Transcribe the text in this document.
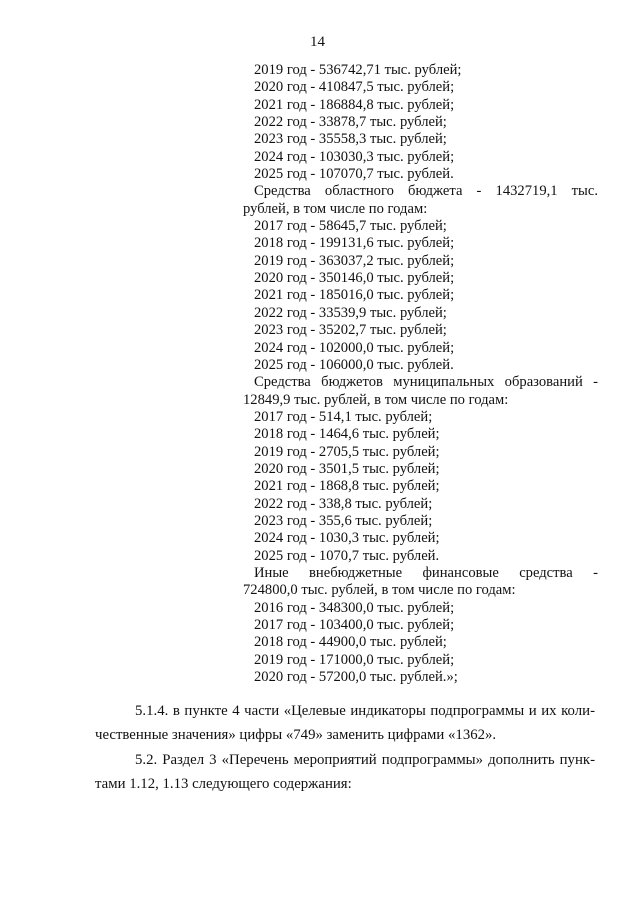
14
2019 год - 536742,71 тыс. рублей;
2020 год - 410847,5 тыс. рублей;
2021 год - 186884,8 тыс. рублей;
2022 год - 33878,7 тыс. рублей;
2023 год - 35558,3 тыс. рублей;
2024 год - 103030,3 тыс. рублей;
2025 год - 107070,7 тыс. рублей.
Средства областного бюджета - 1432719,1 тыс.
рублей, в том числе по годам:
2017 год - 58645,7 тыс. рублей;
2018 год - 199131,6 тыс. рублей;
2019 год - 363037,2 тыс. рублей;
2020 год - 350146,0 тыс. рублей;
2021 год - 185016,0 тыс. рублей;
2022 год - 33539,9 тыс. рублей;
2023 год - 35202,7 тыс. рублей;
2024 год - 102000,0 тыс. рублей;
2025 год - 106000,0 тыс. рублей.
Средства бюджетов муниципальных образований -
12849,9 тыс. рублей, в том числе по годам:
2017 год - 514,1 тыс. рублей;
2018 год - 1464,6 тыс. рублей;
2019 год - 2705,5 тыс. рублей;
2020 год - 3501,5 тыс. рублей;
2021 год - 1868,8 тыс. рублей;
2022 год - 338,8 тыс. рублей;
2023 год - 355,6 тыс. рублей;
2024 год - 1030,3 тыс. рублей;
2025 год - 1070,7 тыс. рублей.
Иные внебюджетные финансовые средства -
724800,0 тыс. рублей, в том числе по годам:
2016 год - 348300,0 тыс. рублей;
2017 год - 103400,0 тыс. рублей;
2018 год - 44900,0 тыс. рублей;
2019 год - 171000,0 тыс. рублей;
2020 год - 57200,0 тыс. рублей.»;
5.1.4. в пункте 4 части «Целевые индикаторы подпрограммы и их коли-
чественные значения» цифры «749» заменить цифрами «1362».
5.2. Раздел 3 «Перечень мероприятий подпрограммы» дополнить пунк-
тами 1.12, 1.13 следующего содержания:
